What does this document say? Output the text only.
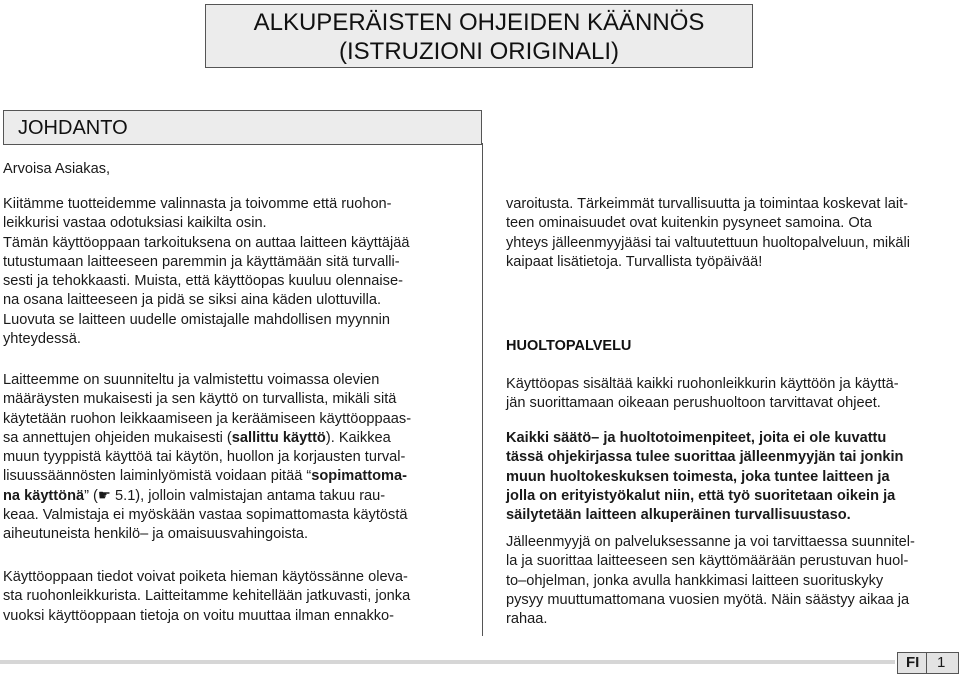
ALKUPERÄISTEN OHJEIDEN KÄÄNNÖS
(ISTRUZIONI ORIGINALI)
JOHDANTO

Arvoisa Asiakas,

Kiitämme tuotteidemme valinnasta ja toivomme että ruohon-
leikkurisi vastaa odotuksiasi kaikilta osin.
Tämän käyttöoppaan tarkoituksena on auttaa laitteen käyttäjää
tutustumaan laitteeseen paremmin ja käyttämään sitä turvalli-
sesti ja tehokkaasti. Muista, että käyttöopas kuuluu olennaise-
na osana laitteeseen ja pidä se siksi aina käden ulottuvilla.
Luovuta se laitteen uudelle omistajalle mahdollisen myynnin
yhteydessä.

Laitteemme on suunniteltu ja valmistettu voimassa olevien
määräysten mukaisesti ja sen käyttö on turvallista, mikäli sitä
käytetään ruohon leikkaamiseen ja keräämiseen käyttöoppaas-
sa annettujen ohjeiden mukaisesti (sallittu käyttö). Kaikkea
muun tyyppistä käyttöä tai käytön, huollon ja korjausten turval-
lisuussäännösten laiminlyömistä voidaan pitää “sopimattoma-
na käyttönä” (☛ 5.1), jolloin valmistajan antama takuu rau-
keaa. Valmistaja ei myöskään vastaa sopimattomasta käytöstä
aiheutuneista henkilö– ja omaisuusvahingoista.

Käyttöoppaan tiedot voivat poiketa hieman käytössänne oleva-
sta ruohonleikkurista. Laitteitamme kehitellään jatkuvasti, jonka
vuoksi käyttöoppaan tietoja on voitu muuttaa ilman ennakko-

varoitusta. Tärkeimmät turvallisuutta ja toimintaa koskevat lait-
teen ominaisuudet ovat kuitenkin pysyneet samoina. Ota
yhteys jälleenmyyjääsi tai valtuutettuun huoltopalveluun, mikäli
kaipaat lisätietoja. Turvallista työpäivää!

HUOLTOPALVELU

Käyttöopas sisältää kaikki ruohonleikkurin käyttöön ja käyttä-
jän suorittamaan oikeaan perushuoltoon tarvittavat ohjeet.

Kaikki säätö– ja huoltotoimenpiteet, joita ei ole kuvattu
tässä ohjekirjassa tulee suorittaa jälleenmyyjän tai jonkin
muun huoltokeskuksen toimesta, joka tuntee laitteen ja
jolla on erityistyökalut niin, että työ suoritetaan oikein ja
säilytetään laitteen alkuperäinen turvallisuustaso.

Jälleenmyyjä on palveluksessanne ja voi tarvittaessa suunnitel-
la ja suorittaa laitteeseen sen käyttömäärään perustuvan huol-
to–ohjelman, jonka avulla hankkimasi laitteen suorituskyky
pysyy muuttumattomana vuosien myötä. Näin säästyy aikaa ja
rahaa.

FI 1
